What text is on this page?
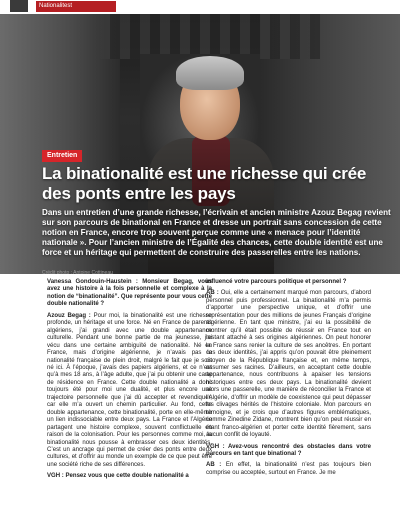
Nationalitest
Entretien
La binationalité est une richesse qui crée des ponts entre les pays

Dans un entretien d’une grande richesse, l’écrivain et ancien ministre Azouz Begag revient sur son parcours de binational en France et dresse un portrait sans concession de cette notion en France, encore trop souvent perçue comme une « menace pour l’identité nationale ». Pour l’ancien ministre de l’Égalité des chances, cette double identité est une force et un héritage qui permettent de construire des passerelles entre les nations.

Crédit photo : Antoine Cottineau

Vanessa Gondouin-Haustein : Monsieur Begag, vous avez une histoire à la fois personnelle et complexe à la notion de “binationalité”. Que représente pour vous cette double nationalité ?

Azouz Begag : Pour moi, la binationalité est une richesse profonde, un héritage et une force. Né en France de parents algériens, j’ai grandi avec une double appartenance culturelle. Pendant une bonne partie de ma jeunesse, j’ai vécu dans une certaine ambiguïté de nationalité. Né en France, mais d’origine algérienne, je n’avais pas la nationalité française de plein droit, malgré le fait que je sois né ici. À l’époque, j’avais des papiers algériens, et ce n’est qu’à mes 18 ans, à l’âge adulte, que j’ai pu obtenir une carte de résidence en France. Cette double nationalité a donc toujours été pour moi une dualité, et plus encore une trajectoire personnelle que j’ai dû accepter et revendiquer, car elle m’a ouvert un chemin particulier. Au fond, cette double appartenance, cette binationalité, porte en elle-même un lien indissociable entre deux pays. La France et l’Algérie partagent une histoire complexe, souvent conflictuelle en raison de la colonisation. Pour les personnes comme moi, la binationalité nous pousse à embrasser ces deux identités. C’est un ancrage qui permet de créer des ponts entre deux cultures, et d’offrir au monde un exemple de ce que peut être une société riche de ses différences.

VGH : Pensez vous que cette double nationalité a

influencé votre parcours politique et personnel ?

AB : Oui, elle a certainement marqué mon parcours, d’abord personnel puis professionnel. La binationalité m’a permis d’apporter une perspective unique, et d’offrir une représentation pour des millions de jeunes Français d’origine algérienne. En tant que ministre, j’ai eu la possibilité de montrer qu’il était possible de réussir en France tout en restant attaché à ses origines algériennes. On peut honorer la France sans renier la culture de ses ancêtres. En portant ces deux identités, j’ai appris qu’on pouvait être pleinement citoyen de la République française et, en même temps, assumer ses racines. D’ailleurs, en acceptant cette double appartenance, nous contribuons à apaiser les tensions historiques entre ces deux pays. La binationalité devient alors une passerelle, une manière de réconcilier la France et l’Algérie, d’offrir un modèle de coexistence qui peut dépasser les clivages hérités de l’histoire coloniale. Mon parcours en témoigne, et je crois que d’autres figures emblématiques, comme Zinedine Zidane, montrent bien qu’on peut réussir en étant franco-algérien et porter cette identité fièrement, sans aucun conflit de loyauté.

VGH : Avez-vous rencontré des obstacles dans votre parcours en tant que binational ?

AB : En effet, la binationalité n’est pas toujours bien comprise ou acceptée, surtout en France. Je me
